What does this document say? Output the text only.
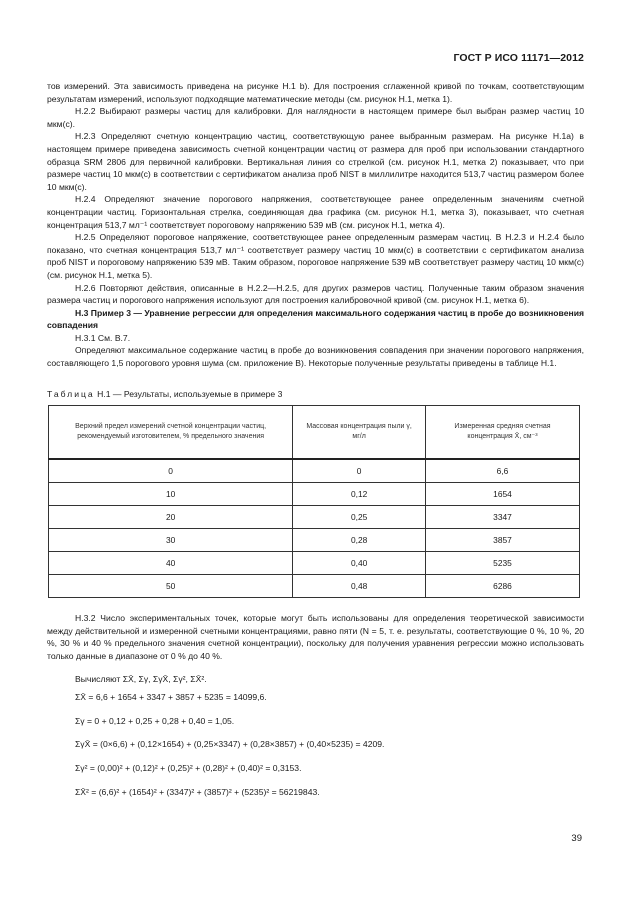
ГОСТ Р ИСО 11171—2012

тов измерений. Эта зависимость приведена на рисунке Н.1 b). Для построения сглаженной кривой по точкам, соответствующим результатам измерений, используют подходящие математические методы (см. рисунок Н.1, метка 1).

Н.2.2 Выбирают размеры частиц для калибровки. Для наглядности в настоящем примере был выбран размер частиц 10 мкм(c).

Н.2.3 Определяют счетную концентрацию частиц, соответствующую ранее выбранным размерам. На рисунке Н.1а) в настоящем примере приведена зависимость счетной концентрации частиц от размера для проб при использовании стандартного образца SRM 2806 для первичной калибровки. Вертикальная линия со стрелкой (см. рисунок Н.1, метка 2) показывает, что при размере частиц 10 мкм(c) в соответствии с сертификатом анализа проб NIST в миллилитре находится 513,7 частиц размером более 10 мкм(c).

Н.2.4 Определяют значение порогового напряжения, соответствующее ранее определенным значениям счетной концентрации частиц. Горизонтальная стрелка, соединяющая два графика (см. рисунок Н.1, метка 3), показывает, что счетная концентрация 513,7 мл⁻¹ соответствует пороговому напряжению 539 мВ (см. рисунок Н.1, метка 4).

Н.2.5 Определяют пороговое напряжение, соответствующее ранее определенным размерам частиц. В Н.2.3 и Н.2.4 было показано, что счетная концентрация 513,7 мл⁻¹ соответствует размеру частиц 10 мкм(c) в соответствии с сертификатом анализа проб NIST и пороговому напряжению 539 мВ. Таким образом, пороговое напряжение 539 мВ соответствует размеру частиц 10 мкм(c) (см. рисунок Н.1, метка 5).

Н.2.6 Повторяют действия, описанные в Н.2.2—Н.2.5, для других размеров частиц. Полученные таким образом значения размера частиц и порогового напряжения используют для построения калибровочной кривой (см. рисунок Н.1, метка 6).

Н.3 Пример 3 — Уравнение регрессии для определения максимального содержания частиц в пробе до возникновения совпадения

Н.3.1 См. В.7.

Определяют максимальное содержание частиц в пробе до возникновения совпадения при значении порогового напряжения, составляющего 1,5 порогового уровня шума (см. приложение В). Некоторые полученные результаты приведены в таблице Н.1.

Таблица Н.1 — Результаты, используемые в примере 3

Верхний предел измерений счетной концентрации частиц, рекомендуемый изготовителем, % предельного значения	Массовая концентрация пыли γ, мг/л	Измеренная средняя счетная концентрация X̄, см⁻³
0	0	6,6
10	0,12	1654
20	0,25	3347
30	0,28	3857
40	0,40	5235
50	0,48	6286

Н.3.2 Число экспериментальных точек, которые могут быть использованы для определения теоретической зависимости между действительной и измеренной счетными концентрациями, равно пяти (N = 5, т. е. результаты, соответствующие 0 %, 10 %, 20 %, 30 % и 40 % предельного значения счетной концентрации), поскольку для получения уравнения регрессии можно использовать только данные в диапазоне от 0 % до 40 %.

Вычисляют ΣX̄, Σγ, ΣγX̄, Σγ², ΣX̄².

ΣX̄ = 6,6 + 1654 + 3347 + 3857 + 5235 = 14099,6.

Σγ = 0 + 0,12 + 0,25 + 0,28 + 0,40 = 1,05.

ΣγX̄ = (0×6,6) + (0,12×1654) + (0,25×3347) + (0,28×3857) + (0,40×5235) = 4209.

Σγ² = (0,00)² + (0,12)² + (0,25)² + (0,28)² + (0,40)² = 0,3153.

ΣX̄² = (6,6)² + (1654)² + (3347)² + (3857)² + (5235)² = 56219843.

39
